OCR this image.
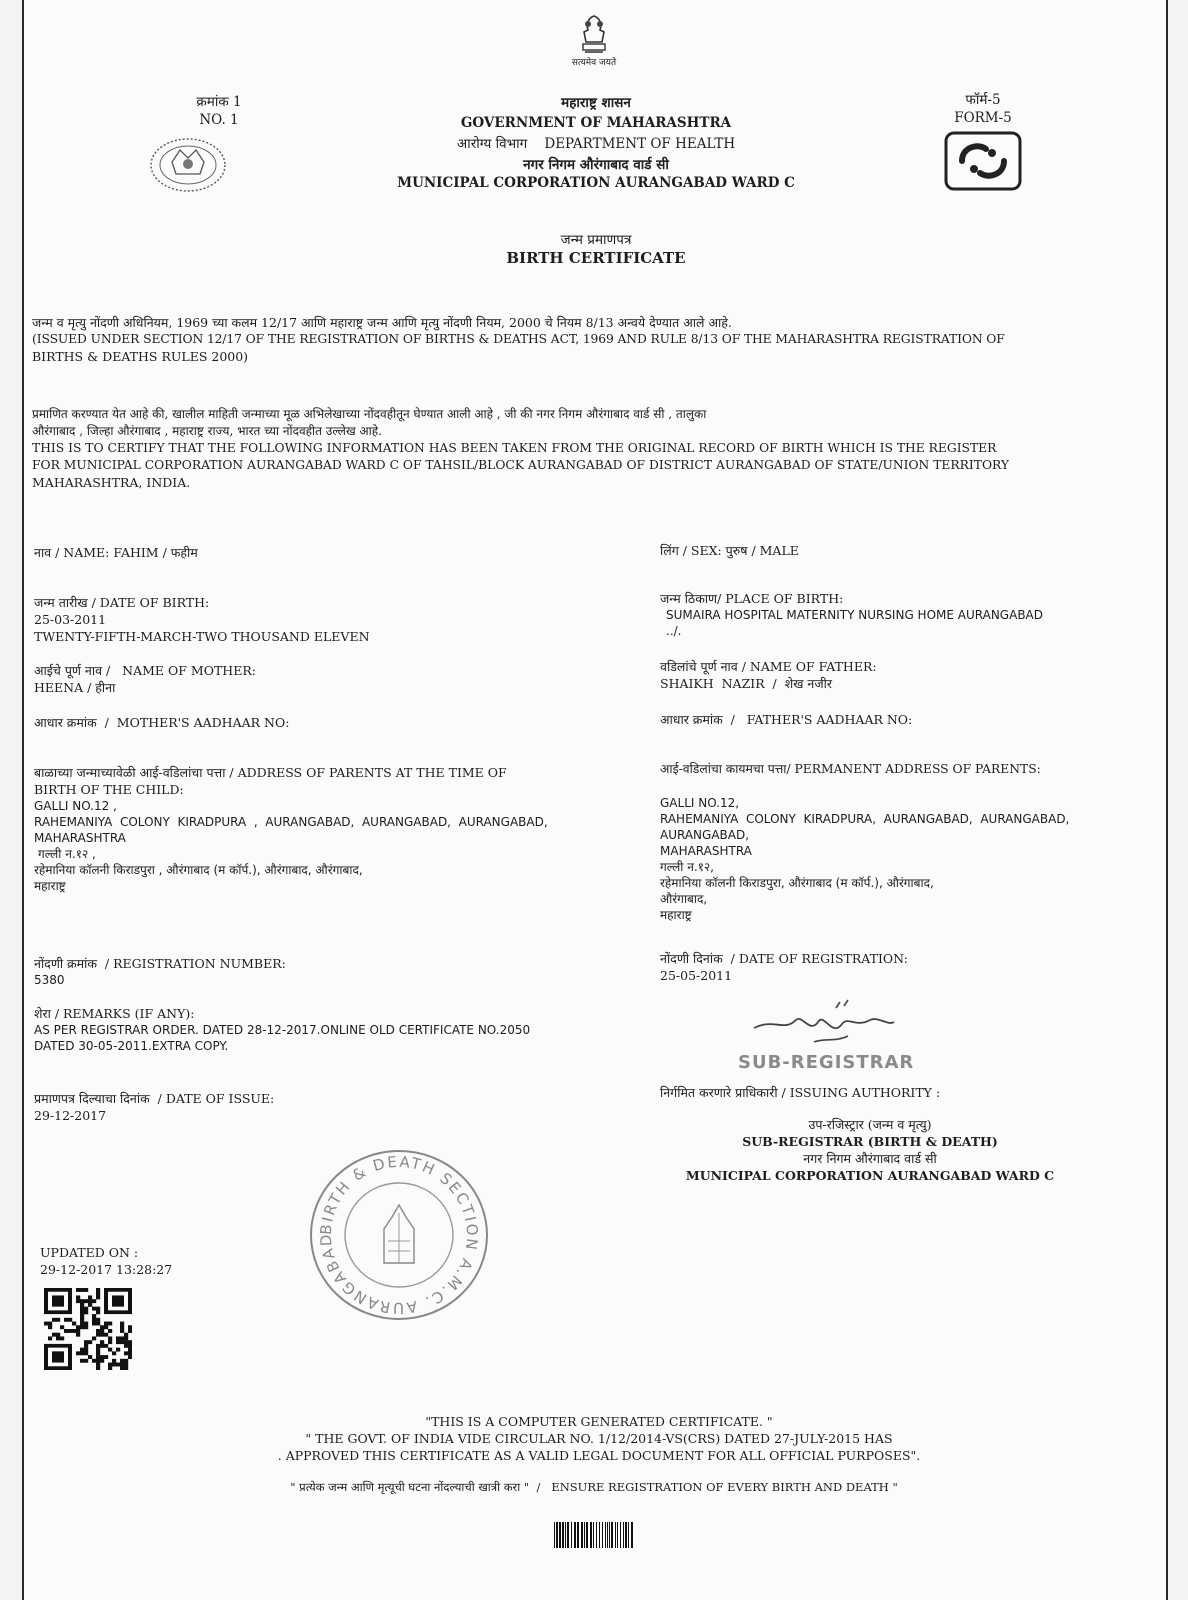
सत्यमेव जयते
क्रमांक 1
NO. 1
फॉर्म-5
FORM-5
महाराष्ट्र शासन
GOVERNMENT OF MAHARASHTRA
आरोग्य विभाग    DEPARTMENT OF HEALTH
नगर निगम औरंगाबाद वार्ड सी
MUNICIPAL CORPORATION AURANGABAD WARD C
जन्म प्रमाणपत्र
BIRTH CERTIFICATE
जन्म व मृत्यु नोंदणी अधिनियम, 1969 च्या कलम 12/17 आणि महाराष्ट्र जन्म आणि मृत्यु नोंदणी नियम, 2000 चे नियम 8/13 अन्वये देण्यात आले आहे.
(ISSUED UNDER SECTION 12/17 OF THE REGISTRATION OF BIRTHS & DEATHS ACT, 1969 AND RULE 8/13 OF THE MAHARASHTRA REGISTRATION OF
BIRTHS & DEATHS RULES 2000)
प्रमाणित करण्यात येत आहे की, खालील माहिती जन्माच्या मूळ अभिलेखाच्या नोंदवहीतून घेण्यात आली आहे , जी की नगर निगम औरंगाबाद वार्ड सी , तालुका
औरंगाबाद , जिल्हा औरंगाबाद , महाराष्ट्र राज्य, भारत च्या नोंदवहीत उल्लेख आहे.
THIS IS TO CERTIFY THAT THE FOLLOWING INFORMATION HAS BEEN TAKEN FROM THE ORIGINAL RECORD OF BIRTH WHICH IS THE REGISTER
FOR MUNICIPAL CORPORATION AURANGABAD WARD C OF TAHSIL/BLOCK AURANGABAD OF DISTRICT AURANGABAD OF STATE/UNION TERRITORY
MAHARASHTRA, INDIA.
नाव / NAME: FAHIM / फहीम	लिंग / SEX: पुरुष / MALE
जन्म तारीख / DATE OF BIRTH:
25-03-2011
TWENTY-FIFTH-MARCH-TWO THOUSAND ELEVEN
जन्म ठिकाण/ PLACE OF BIRTH:
SUMAIRA HOSPITAL MATERNITY NURSING HOME AURANGABAD
../.
आईचे पूर्ण नाव /   NAME OF MOTHER:
HEENA / हीना
वडिलांचे पूर्ण नाव / NAME OF FATHER:
SHAIKH  NAZIR  /  शेख नजीर
आधार क्रमांक  /  MOTHER'S AADHAAR NO:	आधार क्रमांक  /   FATHER'S AADHAAR NO:
बाळाच्या जन्माच्यावेळी आई-वडिलांचा पत्ता / ADDRESS OF PARENTS AT THE TIME OF
BIRTH OF THE CHILD:
GALLI NO.12 ,
RAHEMANIYA  COLONY  KIRADPURA  ,  AURANGABAD,  AURANGABAD,  AURANGABAD,
MAHARASHTRA
गल्ली न.१२ ,
रहेमानिया कॉलनी किराडपुरा , औरंगाबाद (म कॉर्प.), औरंगाबाद, औरंगाबाद,
महाराष्ट्र
आई-वडिलांचा कायमचा पत्ता/ PERMANENT ADDRESS OF PARENTS:
GALLI NO.12,
RAHEMANIYA  COLONY  KIRADPURA,  AURANGABAD,  AURANGABAD,
AURANGABAD,
MAHARASHTRA
गल्ली न.१२,
रहेमानिया कॉलनी किराडपुरा, औरंगाबाद (म कॉर्प.), औरंगाबाद,
औरंगाबाद,
महाराष्ट्र
नोंदणी क्रमांक  / REGISTRATION NUMBER:
5380
नोंदणी दिनांक  / DATE OF REGISTRATION:
25-05-2011
शेरा / REMARKS (IF ANY):
AS PER REGISTRAR ORDER. DATED 28-12-2017.ONLINE OLD CERTIFICATE NO.2050
DATED 30-05-2011.EXTRA COPY.
प्रमाणपत्र दिल्याचा दिनांक  / DATE OF ISSUE:
29-12-2017
SUB-REGISTRAR
निर्गमित करणारे प्राधिकारी / ISSUING AUTHORITY :
उप-रजिस्ट्रार (जन्म व मृत्यु)
SUB-REGISTRAR (BIRTH & DEATH)
नगर निगम औरंगाबाद वार्ड सी
MUNICIPAL CORPORATION AURANGABAD WARD C
BIRTH & DEATH SECTION A.M.C. AURANGABAD
UPDATED ON :
29-12-2017 13:28:27
"THIS IS A COMPUTER GENERATED CERTIFICATE. "
" THE GOVT. OF INDIA VIDE CIRCULAR NO. 1/12/2014-VS(CRS) DATED 27-JULY-2015 HAS
. APPROVED THIS CERTIFICATE AS A VALID LEGAL DOCUMENT FOR ALL OFFICIAL PURPOSES".
" प्रत्येक जन्म आणि मृत्यूची घटना नोंदल्याची खात्री करा "  /   ENSURE REGISTRATION OF EVERY BIRTH AND DEATH "
